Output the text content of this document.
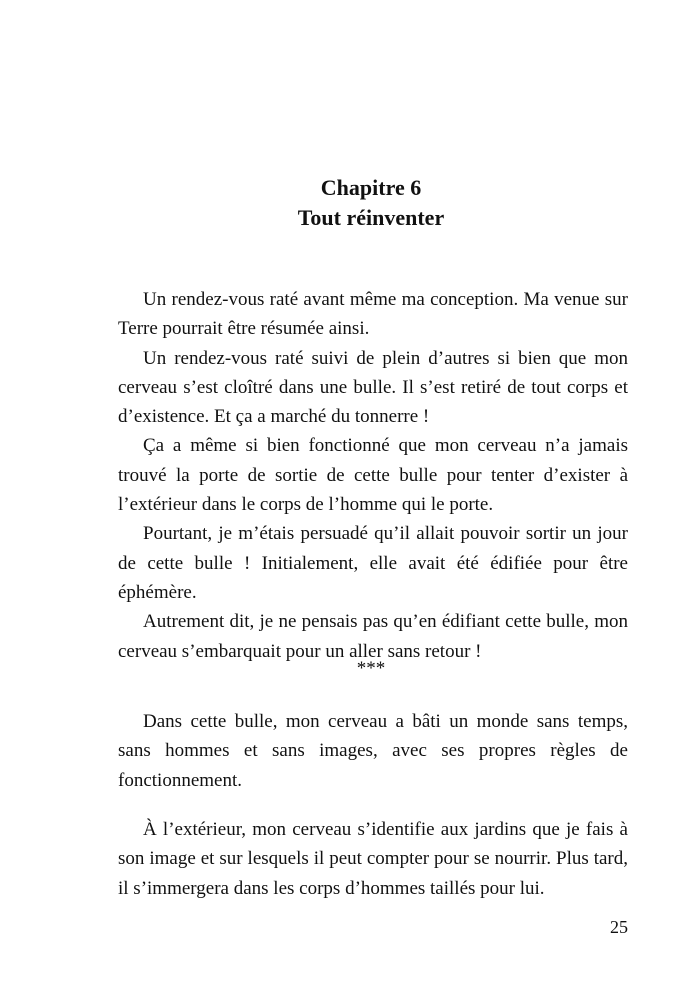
Chapitre 6
Tout réinventer

Un rendez-vous raté avant même ma conception. Ma venue sur Terre pourrait être résumée ainsi.

Un rendez-vous raté suivi de plein d’autres si bien que mon cerveau s’est cloîtré dans une bulle. Il s’est retiré de tout corps et d’existence. Et ça a marché du tonnerre !

Ça a même si bien fonctionné que mon cerveau n’a jamais trouvé la porte de sortie de cette bulle pour tenter d’exister à l’extérieur dans le corps de l’homme qui le porte.

Pourtant, je m’étais persuadé qu’il allait pouvoir sortir un jour de cette bulle ! Initialement, elle avait été édifiée pour être éphémère.

Autrement dit, je ne pensais pas qu’en édifiant cette bulle, mon cerveau s’embarquait pour un aller sans retour !

***

Dans cette bulle, mon cerveau a bâti un monde sans temps, sans hommes et sans images, avec ses propres règles de fonctionnement.

À l’extérieur, mon cerveau s’identifie aux jardins que je fais à son image et sur lesquels il peut compter pour se nourrir. Plus tard, il s’immergera dans les corps d’hommes taillés pour lui.

25
